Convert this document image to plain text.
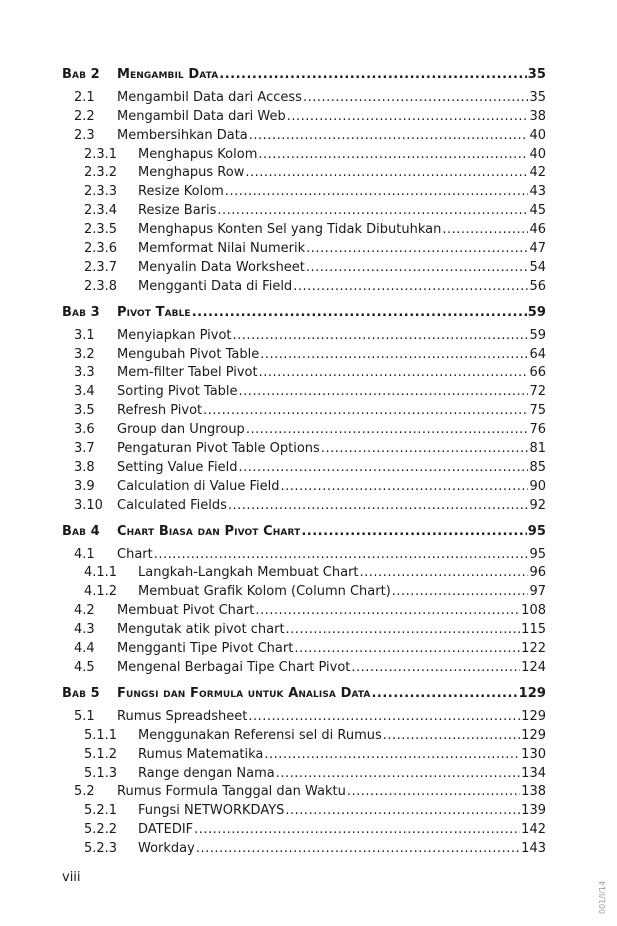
Bab 2	Mengambil Data .....	35
2.1	Mengambil Data dari Access .....	35
2.2	Mengambil Data dari Web .....	38
2.3	Membersihkan Data .....	40
2.3.1	Menghapus Kolom .....	40
2.3.2	Menghapus Row .....	42
2.3.3	Resize Kolom .....	43
2.3.4	Resize Baris .....	45
2.3.5	Menghapus Konten Sel yang Tidak Dibutuhkan .....	46
2.3.6	Memformat Nilai Numerik .....	47
2.3.7	Menyalin Data Worksheet .....	54
2.3.8	Mengganti Data di Field .....	56
Bab 3	Pivot Table .....	59
3.1	Menyiapkan Pivot .....	59
3.2	Mengubah Pivot Table .....	64
3.3	Mem-filter Tabel Pivot .....	66
3.4	Sorting Pivot Table .....	72
3.5	Refresh Pivot .....	75
3.6	Group dan Ungroup .....	76
3.7	Pengaturan Pivot Table Options .....	81
3.8	Setting Value Field .....	85
3.9	Calculation di Value Field .....	90
3.10	Calculated Fields .....	92
Bab 4	Chart Biasa dan Pivot Chart .....	95
4.1	Chart .....	95
4.1.1	Langkah-Langkah Membuat Chart .....	96
4.1.2	Membuat Grafik Kolom (Column Chart) .....	97
4.2	Membuat Pivot Chart .....	108
4.3	Mengutak atik pivot chart .....	115
4.4	Mengganti Tipe Pivot Chart .....	122
4.5	Mengenal Berbagai Tipe Chart Pivot .....	124
Bab 5	Fungsi dan Formula untuk Analisa Data .....	129
5.1	Rumus Spreadsheet .....	129
5.1.1	Menggunakan Referensi sel di Rumus .....	129
5.1.2	Rumus Matematika .....	130
5.1.3	Range dengan Nama .....	134
5.2	Rumus Formula Tanggal dan Waktu .....	138
5.2.1	Fungsi NETWORKDAYS .....	139
5.2.2	DATEDIF .....	142
5.2.3	Workday .....	143
viii
001/I/14
